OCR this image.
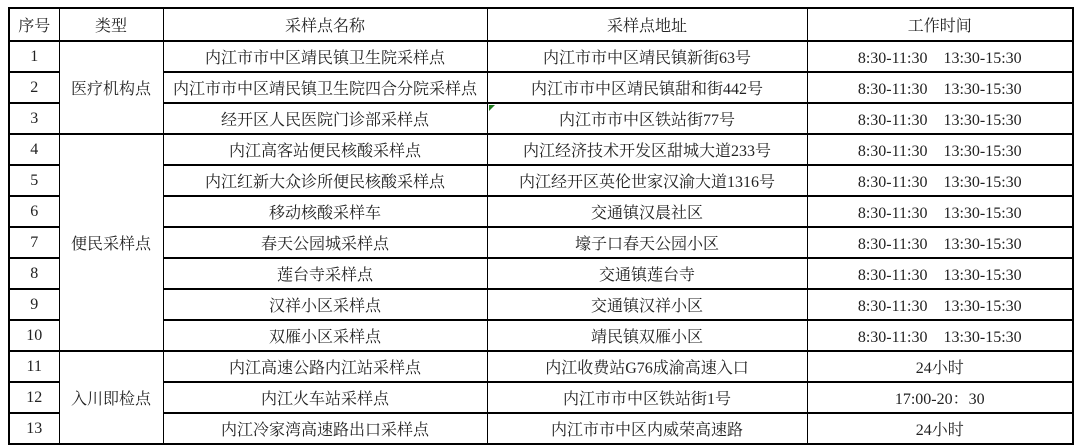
序号	类型	采样点名称	采样点地址	工作时间
1	医疗机构点	内江市市中区靖民镇卫生院采样点	内江市市中区靖民镇新街63号	8:30-11:30　13:30-15:30
2		内江市市中区靖民镇卫生院四合分院采样点	内江市市中区靖民镇甜和街442号	8:30-11:30　13:30-15:30
3		经开区人民医院门诊部采样点	内江市市中区铁站街77号	8:30-11:30　13:30-15:30
4	便民采样点	内江高客站便民核酸采样点	内江经济技术开发区甜城大道233号	8:30-11:30　13:30-15:30
5		内江红新大众诊所便民核酸采样点	内江经开区英伦世家汉渝大道1316号	8:30-11:30　13:30-15:30
6		移动核酸采样车	交通镇汉晨社区	8:30-11:30　13:30-15:30
7		春天公园城采样点	壕子口春天公园小区	8:30-11:30　13:30-15:30
8		莲台寺采样点	交通镇莲台寺	8:30-11:30　13:30-15:30
9		汉祥小区采样点	交通镇汉祥小区	8:30-11:30　13:30-15:30
10		双雁小区采样点	靖民镇双雁小区	8:30-11:30　13:30-15:30
11	入川即检点	内江高速公路内江站采样点	内江收费站G76成渝高速入口	24小时
12		内江火车站采样点	内江市市中区铁站街1号	17:00-20：30
13		内江冷家湾高速路出口采样点	内江市市中区内威荣高速路	24小时
